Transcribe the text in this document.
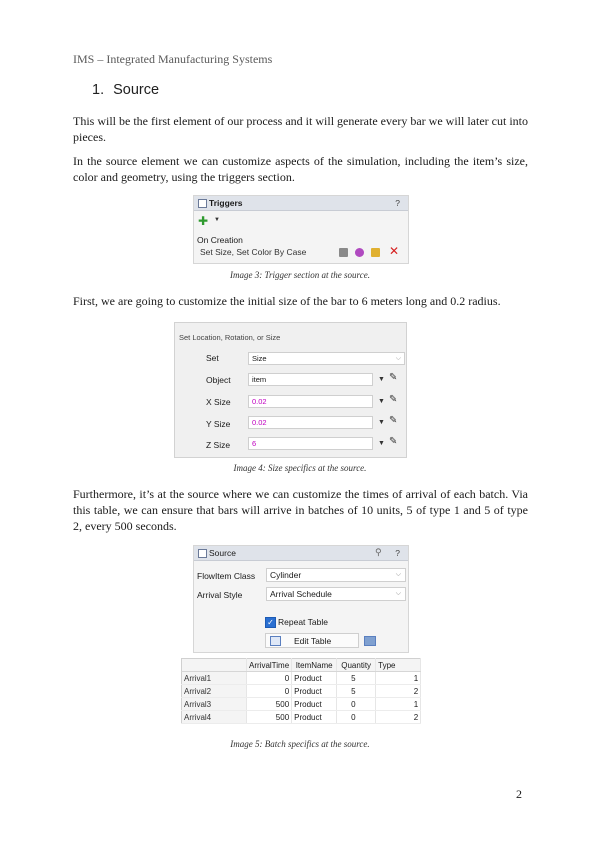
IMS – Integrated Manufacturing Systems
1. Source
This will be the first element of our process and it will generate every bar we will later cut into pieces.
In the source element we can customize aspects of the simulation, including the item’s size, color and geometry, using the triggers section.
Triggers	?
✚ ▼
On Creation
Set Size, Set Color By Case	✕
Image 3: Trigger section at the source.
First, we are going to customize the initial size of the bar to 6 meters long and 0.2 radius.
Set Location, Rotation, or Size
Set	Size	⌵
Object	item	▼ ✎
X Size	0.02	▼ ✎
Y Size	0.02	▼ ✎
Z Size	6	▼ ✎
Image 4: Size specifics at the source.
Furthermore, it’s at the source where we can customize the times of arrival of each batch. Via this table, we can ensure that bars will arrive in batches of 10 units, 5 of type 1 and 5 of type 2, every 500 seconds.
Source	⚲ ?
FlowItem Class	Cylinder	⌵
Arrival Style	Arrival Schedule	⌵
✓ Repeat Table
Edit Table
	ArrivalTime	ItemName	Quantity	Type
Arrival1	0	Product	5	1
Arrival2	0	Product	5	2
Arrival3	500	Product	0	1
Arrival4	500	Product	0	2
Image 5: Batch specifics at the source.
2
